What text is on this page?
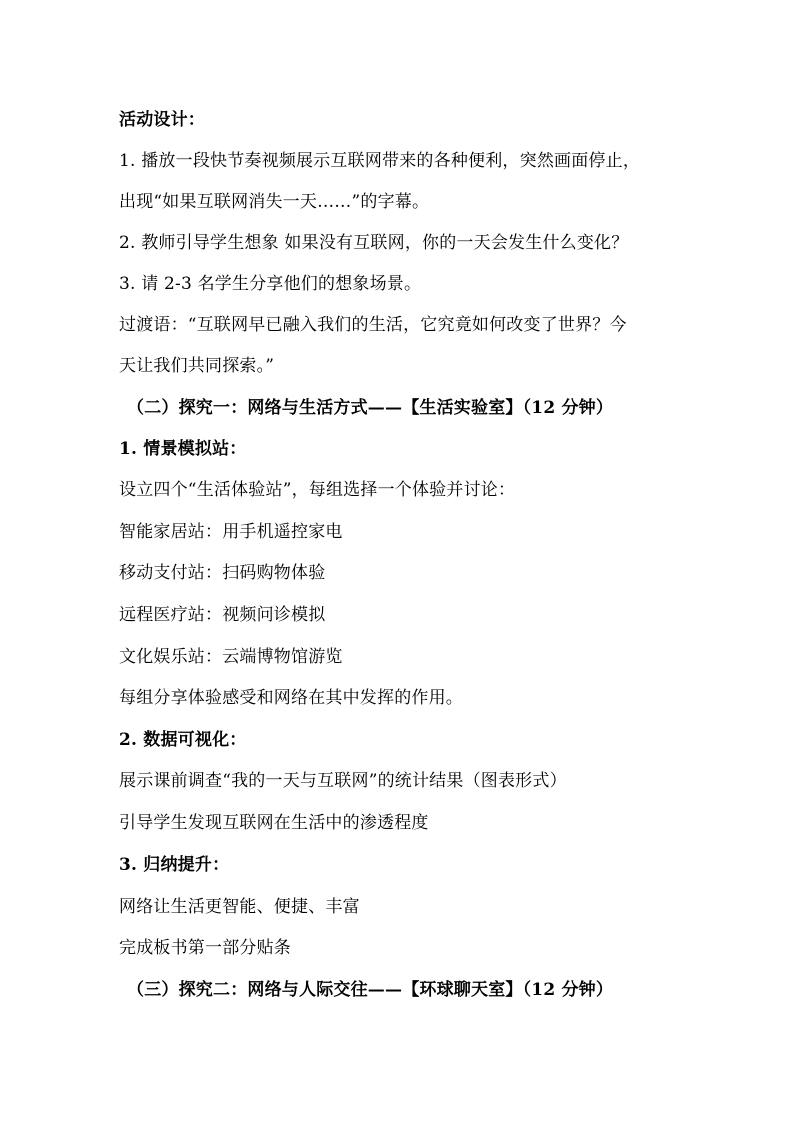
活动设计：
1. 播放一段快节奏视频展示互联网带来的各种便利，突然画面停止，
出现“如果互联网消失一天……”的字幕。
2. 教师引导学生想象 如果没有互联网，你的一天会发生什么变化？
3. 请 2-3 名学生分享他们的想象场景。
过渡语：“互联网早已融入我们的生活，它究竟如何改变了世界？今
天让我们共同探索。”
（二）探究一：网络与生活方式——【生活实验室】（12 分钟）
1. 情景模拟站：
设立四个“生活体验站”，每组选择一个体验并讨论：
智能家居站：用手机遥控家电
移动支付站：扫码购物体验
远程医疗站：视频问诊模拟
文化娱乐站：云端博物馆游览
每组分享体验感受和网络在其中发挥的作用。
2. 数据可视化：
展示课前调查“我的一天与互联网”的统计结果（图表形式）
引导学生发现互联网在生活中的渗透程度
3. 归纳提升：
网络让生活更智能、便捷、丰富
完成板书第一部分贴条
（三）探究二：网络与人际交往——【环球聊天室】（12 分钟）
